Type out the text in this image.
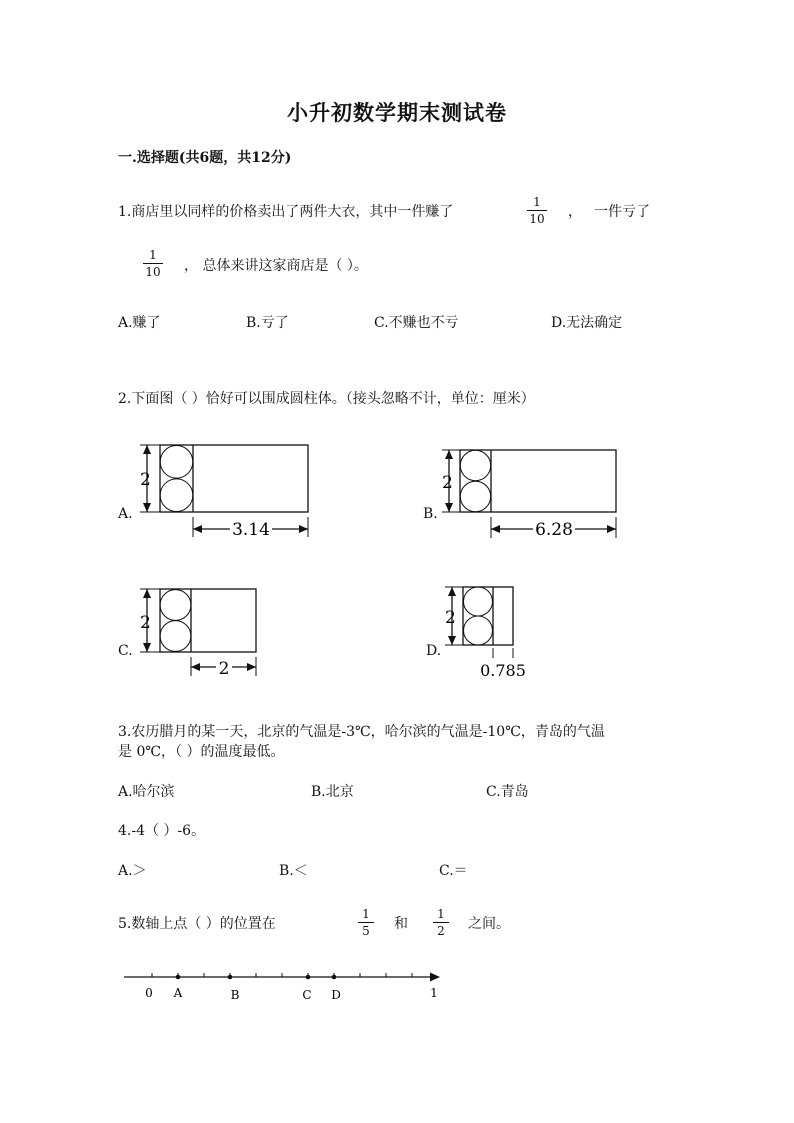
小升初数学期末测试卷
一.选择题(共6题，共12分)
1.商店里以同样的价格卖出了两件大衣，其中一件赚了
1
10 ， 一件亏了
1
10 ， 总体来讲这家商店是（ ）。
A.赚了	B.亏了	C.不赚也不亏	D.无法确定
2.下面图（ ）恰好可以围成圆柱体。（接头忽略不计，单位：厘米）
A.
2
3.14
B.
2
6.28
C.
2
2
D.
2
0.785
3.农历腊月的某一天，北京的气温是-3℃，哈尔滨的气温是-10℃，青岛的气温
是 0℃，（ ）的温度最低。
A.哈尔滨	B.北京	C.青岛
4.-4（ ）-6。
A.＞	B.＜	C.＝
5.数轴上点（ ）的位置在
1
5 和
1
2 之间。
0 A	B	C D	1
